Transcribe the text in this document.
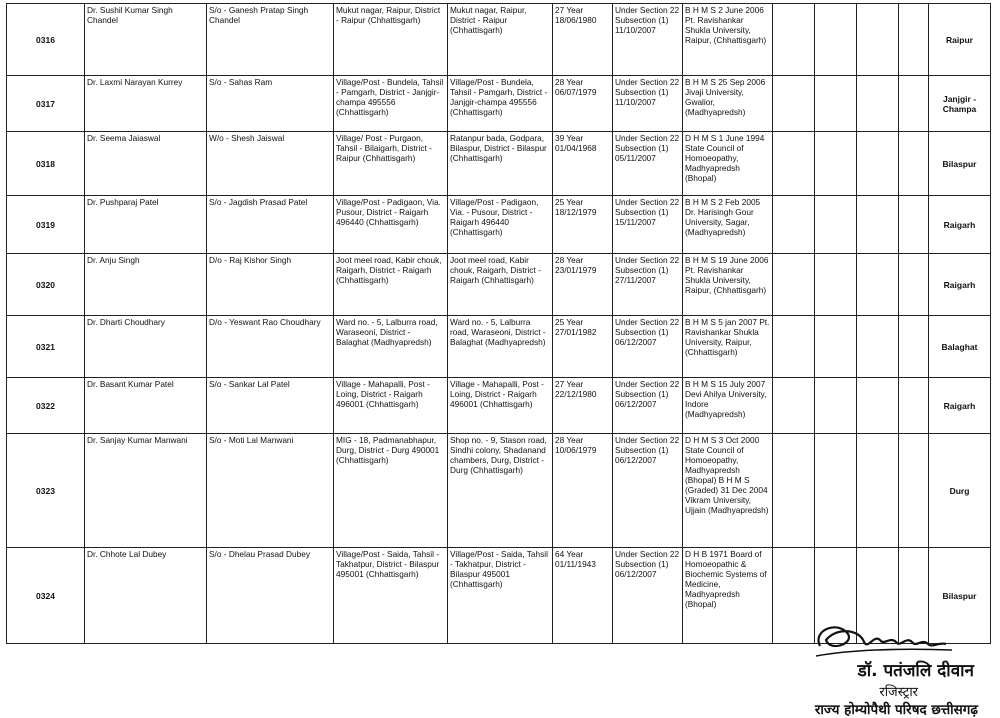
0316	Dr. Sushil Kumar Singh Chandel	S/o - Ganesh Pratap Singh Chandel	Mukut nagar, Raipur, District - Raipur (Chhattisgarh)	Mukut nagar, Raipur, District - Raipur (Chhattisgarh)	27 Year 18/06/1980	Under Section 22 Subsection (1) 11/10/2007	B H M S 2 June 2006 Pt. Ravishankar Shukla University, Raipur, (Chhattisgarh)					Raipur
0317	Dr. Laxmi Narayan Kurrey	S/o - Sahas Ram	Village/Post - Bundela, Tahsil - Pamgarh, District - Janjgir-champa 495556 (Chhattisgarh)	Village/Post - Bundela, Tahsil - Pamgarh, District - Janjgir-champa 495556 (Chhattisgarh)	28 Year 06/07/1979	Under Section 22 Subsection (1) 11/10/2007	B H M S 25 Sep 2006 Jivaji University, Gwalior, (Madhyapredsh)					Janjgir - Champa
0318	Dr. Seema Jaiaswal	W/o - Shesh Jaiswal	Village/ Post - Purgaon, Tahsil - Bilaigarh, District - Raipur (Chhattisgarh)	Ratanpur bada, Godpara, Bilaspur, District - Bilaspur (Chhattisgarh)	39 Year 01/04/1968	Under Section 22 Subsection (1) 05/11/2007	D H M S 1 June 1994 State Council of Homoeopathy, Madhyapredsh (Bhopal)					Bilaspur
0319	Dr. Pushparaj Patel	S/o - Jagdish Prasad Patel	Village/Post - Padigaon, Via. Pusour, District - Raigarh 496440 (Chhattisgarh)	Village/Post - Padigaon, Via. - Pusour, District - Raigarh 496440 (Chhattisgarh)	25 Year 18/12/1979	Under Section 22 Subsection (1) 15/11/2007	B H M S 2 Feb 2005 Dr. Harisingh Gour University, Sagar, (Madhyapredsh)					Raigarh
0320	Dr. Anju Singh	D/o - Raj Kishor Singh	Joot meel road, Kabir chouk, Raigarh, District - Raigarh (Chhattisgarh)	Joot meel road, Kabir chouk, Raigarh, District - Raigarh (Chhattisgarh)	28 Year 23/01/1979	Under Section 22 Subsection (1) 27/11/2007	B H M S 19 June 2006 Pt. Ravishankar Shukla University, Raipur, (Chhattisgarh)					Raigarh
0321	Dr. Dharti Choudhary	D/o - Yeswant Rao Choudhary	Ward no. - 5, Lalburra road, Waraseoni, District - Balaghat (Madhyapredsh)	Ward no. - 5, Lalburra road, Waraseoni, District - Balaghat (Madhyapredsh)	25 Year 27/01/1982	Under Section 22 Subsection (1) 06/12/2007	B H M S 5 jan 2007 Pt. Ravishankar Shukla University, Raipur, (Chhattisgarh)					Balaghat
0322	Dr. Basant Kumar Patel	S/o - Sankar Lal Patel	Village - Mahapalli, Post - Loing, District - Raigarh 496001 (Chhattisgarh)	Village - Mahapalli, Post - Loing, District - Raigarh 496001 (Chhattisgarh)	27 Year 22/12/1980	Under Section 22 Subsection (1) 06/12/2007	B H M S 15 July 2007 Devi Ahilya University, Indore (Madhyapredsh)					Raigarh
0323	Dr. Sanjay Kumar Manwani	S/o - Moti Lal Manwani	MIG - 18, Padmanabhapur, Durg, District - Durg 490001 (Chhattisgarh)	Shop no. - 9, Stason road, Sindhi colony, Shadanand chambers, Durg, District - Durg (Chhattisgarh)	28 Year 10/06/1979	Under Section 22 Subsection (1) 06/12/2007	D H M S 3 Oct 2000 State Council of Homoeopathy, Madhyapredsh (Bhopal) B H M S (Graded) 31 Dec 2004 Vikram University, Ujjain (Madhyapredsh)					Durg
0324	Dr. Chhote Lal Dubey	S/o - Dhelau Prasad Dubey	Village/Post - Saida, Tahsil - Takhatpur, District - Bilaspur 495001 (Chhattisgarh)	Village/Post - Saida, Tahsil - Takhatpur, District - Bilaspur 495001 (Chhattisgarh)	64 Year 01/11/1943	Under Section 22 Subsection (1) 06/12/2007	D H B 1971 Board of Homoeopathic & Biochemic Systems of Medicine, Madhyapredsh (Bhopal)					Bilaspur
डॉ. पतंजलि दीवान
रजिस्ट्रार
राज्य होम्योपैथी परिषद छत्तीसगढ़
